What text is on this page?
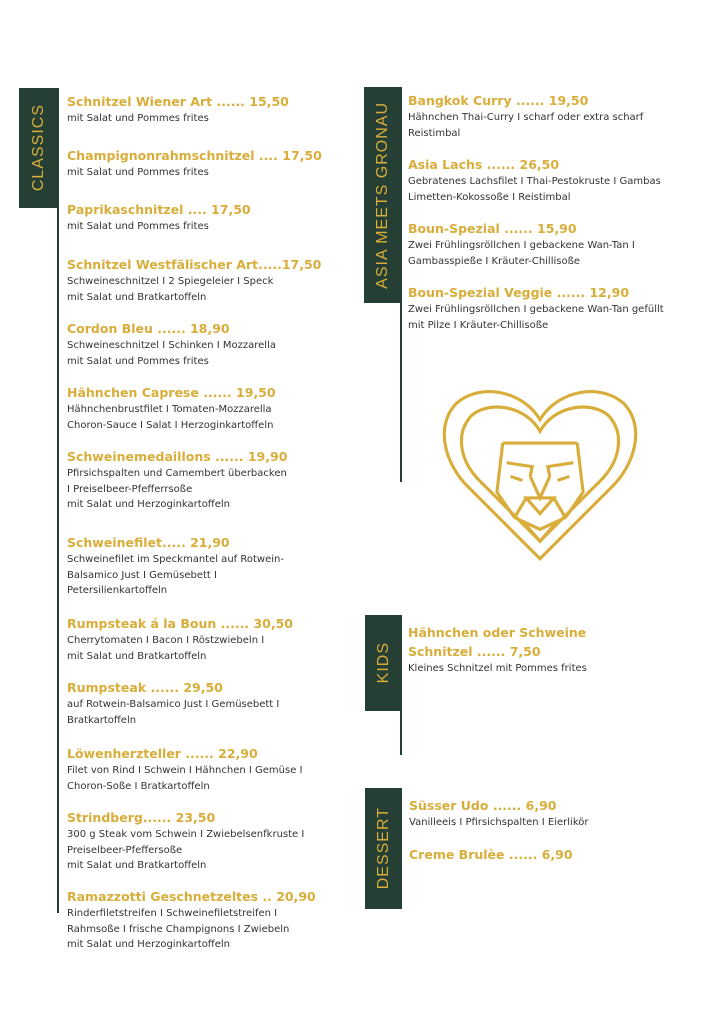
CLASSICS
Schnitzel Wiener Art ...... 15,50
mit Salat und Pommes frites
Champignonrahmschnitzel .... 17,50
mit Salat und Pommes frites
Paprikaschnitzel .... 17,50
mit Salat und Pommes frites
Schnitzel Westfälischer Art.....17,50
Schweineschnitzel I 2 Spiegeleier I Speck
mit Salat und Bratkartoffeln
Cordon Bleu ...... 18,90
Schweineschnitzel I Schinken I Mozzarella
mit Salat und Pommes frites
Hähnchen Caprese ...... 19,50
Hähnchenbrustfilet I Tomaten-Mozzarella
Choron-Sauce I Salat I Herzoginkartoffeln
Schweinemedaillons ...... 19,90
Pfirsichspalten und Camembert überbacken
I Preiselbeer-Pfefferrsoße
mit Salat und Herzoginkartoffeln
Schweinefilet..... 21,90
Schweinefilet im Speckmantel auf Rotwein-
Balsamico Just I Gemüsebett I
Petersilienkartoffeln
Rumpsteak á la Boun ...... 30,50
Cherrytomaten I Bacon I Röstzwiebeln I
mit Salat und Bratkartoffeln
Rumpsteak ...... 29,50
auf Rotwein-Balsamico Just I Gemüsebett I
Bratkartoffeln
Löwenherzteller ...... 22,90
Filet von Rind I Schwein I Hähnchen I Gemüse I
Choron-Soße I Bratkartoffeln
Strindberg...... 23,50
300 g Steak vom Schwein I Zwiebelsenfkruste I
Preiselbeer-Pfeffersoße
mit Salat und Bratkartoffeln
Ramazzotti Geschnetzeltes .. 20,90
Rinderfiletstreifen I Schweinefiletstreifen I
Rahmsoße I frische Champignons I Zwiebeln
mit Salat und Herzoginkartoffeln
ASIA MEETS GRONAU
Bangkok Curry ...... 19,50
Hähnchen Thai-Curry I scharf oder extra scharf
Reistimbal
Asia Lachs ...... 26,50
Gebratenes Lachsfilet I Thai-Pestokruste I Gambas
Limetten-Kokossoße I Reistimbal
Boun-Spezial ...... 15,90
Zwei Frühlingsröllchen I gebackene Wan-Tan I
Gambasspieße I Kräuter-Chillisoße
Boun-Spezial Veggie ...... 12,90
Zwei Frühlingsröllchen I gebackene Wan-Tan gefüllt
mit Pilze I Kräuter-Chillisoße
KIDS
Hähnchen oder Schweine
Schnitzel ...... 7,50
Kleines Schnitzel mit Pommes frites
DESSERT
Süsser Udo ...... 6,90
Vanilleeis I Pfirsichspalten I Eierlikör
Creme Brulèe ...... 6,90
